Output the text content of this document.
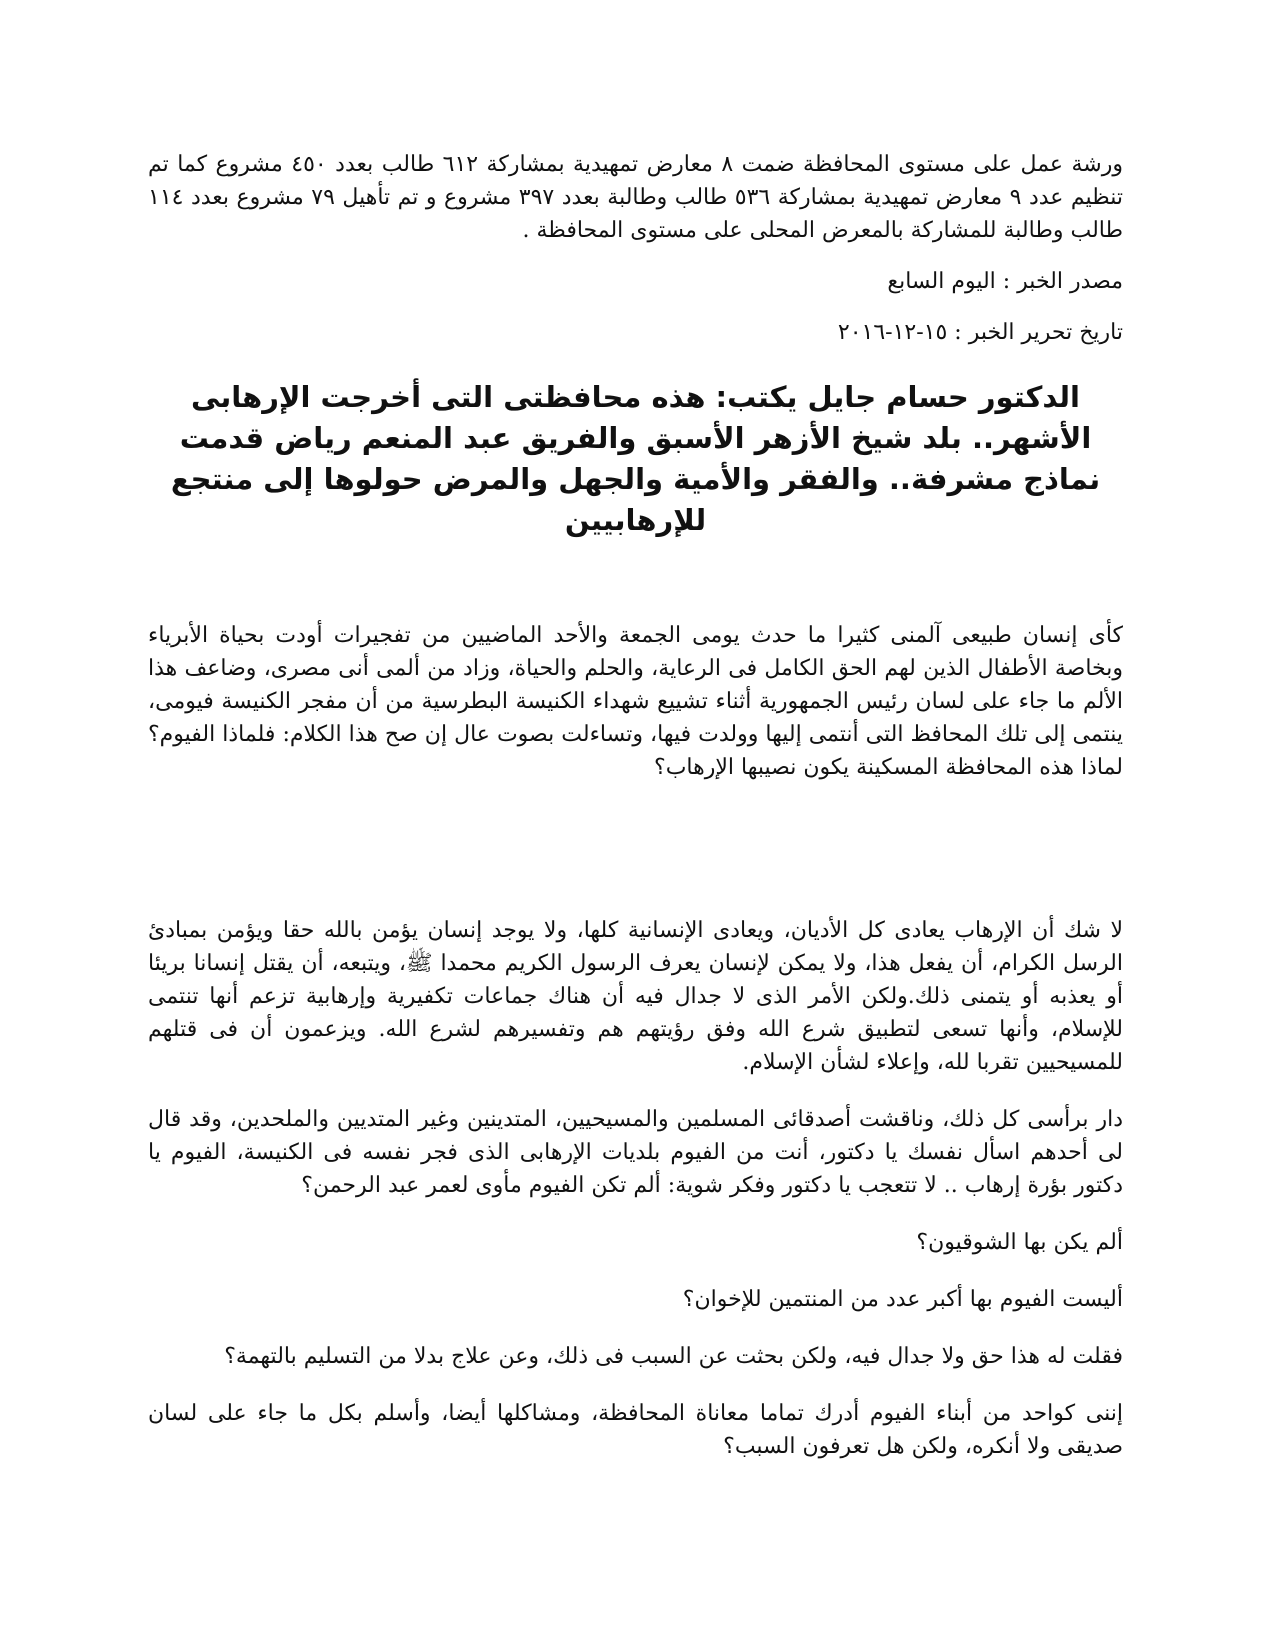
ورشة عمل على مستوى المحافظة ضمت ٨ معارض تمهيدية بمشاركة ٦١٢ طالب بعدد ٤٥٠ مشروع كما تم تنظيم عدد ٩ معارض تمهيدية بمشاركة ٥٣٦ طالب وطالبة بعدد ٣٩٧ مشروع و تم تأهيل ٧٩ مشروع بعدد ١١٤ طالب وطالبة للمشاركة بالمعرض المحلى على مستوى المحافظة .

مصدر الخبر : اليوم السابع

تاريخ تحرير الخبر : ١٥-١٢-٢٠١٦

الدكتور حسام جايل يكتب: هذه محافظتى التى أخرجت الإرهابى الأشهر.. بلد شيخ الأزهر الأسبق والفريق عبد المنعم رياض قدمت نماذج مشرفة.. والفقر والأمية والجهل والمرض حولوها إلى منتجع للإرهابيين

كأى إنسان طبيعى آلمنى كثيرا ما حدث يومى الجمعة والأحد الماضيين من تفجيرات أودت بحياة الأبرياء وبخاصة الأطفال الذين لهم الحق الكامل فى الرعاية، والحلم والحياة، وزاد من ألمى أنى مصرى، وضاعف هذا الألم ما جاء على لسان رئيس الجمهورية أثناء تشييع شهداء الكنيسة البطرسية من أن مفجر الكنيسة فيومى، ينتمى إلى تلك المحافظ التى أنتمى إليها وولدت فيها، وتساءلت بصوت عال إن صح هذا الكلام: فلماذا الفيوم؟ لماذا هذه المحافظة المسكينة يكون نصيبها الإرهاب؟

لا شك أن الإرهاب يعادى كل الأديان، ويعادى الإنسانية كلها، ولا يوجد إنسان يؤمن بالله حقا ويؤمن بمبادئ الرسل الكرام، أن يفعل هذا، ولا يمكن لإنسان يعرف الرسول الكريم محمدا ﷺ، ويتبعه، أن يقتل إنسانا بريئا أو يعذبه أو يتمنى ذلك.ولكن الأمر الذى لا جدال فيه أن هناك جماعات تكفيرية وإرهابية تزعم أنها تنتمى للإسلام، وأنها تسعى لتطبيق شرع الله وفق رؤيتهم هم وتفسيرهم لشرع الله. ويزعمون أن فى قتلهم للمسيحيين تقربا لله، وإعلاء لشأن الإسلام.

دار برأسى كل ذلك، وناقشت أصدقائى المسلمين والمسيحيين، المتدينين وغير المتديين والملحدين، وقد قال لى أحدهم اسأل نفسك يا دكتور، أنت من الفيوم بلديات الإرهابى الذى فجر نفسه فى الكنيسة، الفيوم يا دكتور بؤرة إرهاب .. لا تتعجب يا دكتور وفكر شوية: ألم تكن الفيوم مأوى لعمر عبد الرحمن؟

ألم يكن بها الشوقيون؟

أليست الفيوم بها أكبر عدد من المنتمين للإخوان؟

فقلت له هذا حق ولا جدال فيه، ولكن بحثت عن السبب فى ذلك، وعن علاج بدلا من التسليم بالتهمة؟

إننى كواحد من أبناء الفيوم أدرك تماما معاناة المحافظة، ومشاكلها أيضا، وأسلم بكل ما جاء على لسان صديقى ولا أنكره، ولكن هل تعرفون السبب؟
